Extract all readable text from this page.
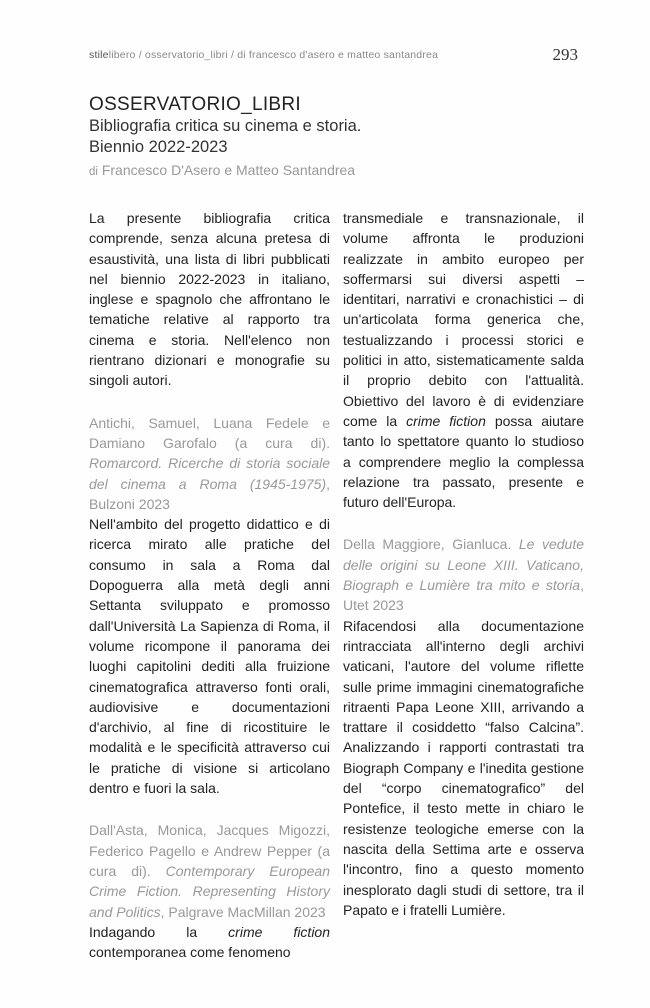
stilelibero / osservatorio_libri / di francesco d'asero e matteo santandrea	293
OSSERVATORIO_LIBRI
Bibliografia critica su cinema e storia.
Biennio 2022-2023
di Francesco D'Asero e Matteo Santandrea

La presente bibliografia critica comprende, senza alcuna pretesa di esaustività, una lista di libri pubblicati nel biennio 2022-2023 in italiano, inglese e spagnolo che affrontano le tematiche relative al rapporto tra cinema e storia. Nell'elenco non rientrano dizionari e monografie su singoli autori.

Antichi, Samuel, Luana Fedele e Damiano Garofalo (a cura di). Romarcord. Ricerche di storia sociale del cinema a Roma (1945-1975), Bulzoni 2023

Nell'ambito del progetto didattico e di ricerca mirato alle pratiche del consumo in sala a Roma dal Dopoguerra alla metà degli anni Settanta sviluppato e promosso dall'Università La Sapienza di Roma, il volume ricompone il panorama dei luoghi capitolini dediti alla fruizione cinematografica attraverso fonti orali, audiovisive e documentazioni d'archivio, al fine di ricostituire le modalità e le specificità attraverso cui le pratiche di visione si articolano dentro e fuori la sala.

Dall'Asta, Monica, Jacques Migozzi, Federico Pagello e Andrew Pepper (a cura di). Contemporary European Crime Fiction. Representing History and Politics, Palgrave MacMillan 2023

Indagando la crime fiction contemporanea come fenomeno

transmediale e transnazionale, il volume affronta le produzioni realizzate in ambito europeo per soffermarsi sui diversi aspetti – identitari, narrativi e cronachistici – di un'articolata forma generica che, testualizzando i processi storici e politici in atto, sistematicamente salda il proprio debito con l'attualità. Obiettivo del lavoro è di evidenziare come la crime fiction possa aiutare tanto lo spettatore quanto lo studioso a comprendere meglio la complessa relazione tra passato, presente e futuro dell'Europa.

Della Maggiore, Gianluca. Le vedute delle origini su Leone XIII. Vaticano, Biograph e Lumière tra mito e storia, Utet 2023

Rifacendosi alla documentazione rintracciata all'interno degli archivi vaticani, l'autore del volume riflette sulle prime immagini cinematografiche ritraenti Papa Leone XIII, arrivando a trattare il cosiddetto “falso Calcina”. Analizzando i rapporti contrastati tra Biograph Company e l'inedita gestione del “corpo cinematografico” del Pontefice, il testo mette in chiaro le resistenze teologiche emerse con la nascita della Settima arte e osserva l'incontro, fino a questo momento inesplorato dagli studi di settore, tra il Papato e i fratelli Lumière.
